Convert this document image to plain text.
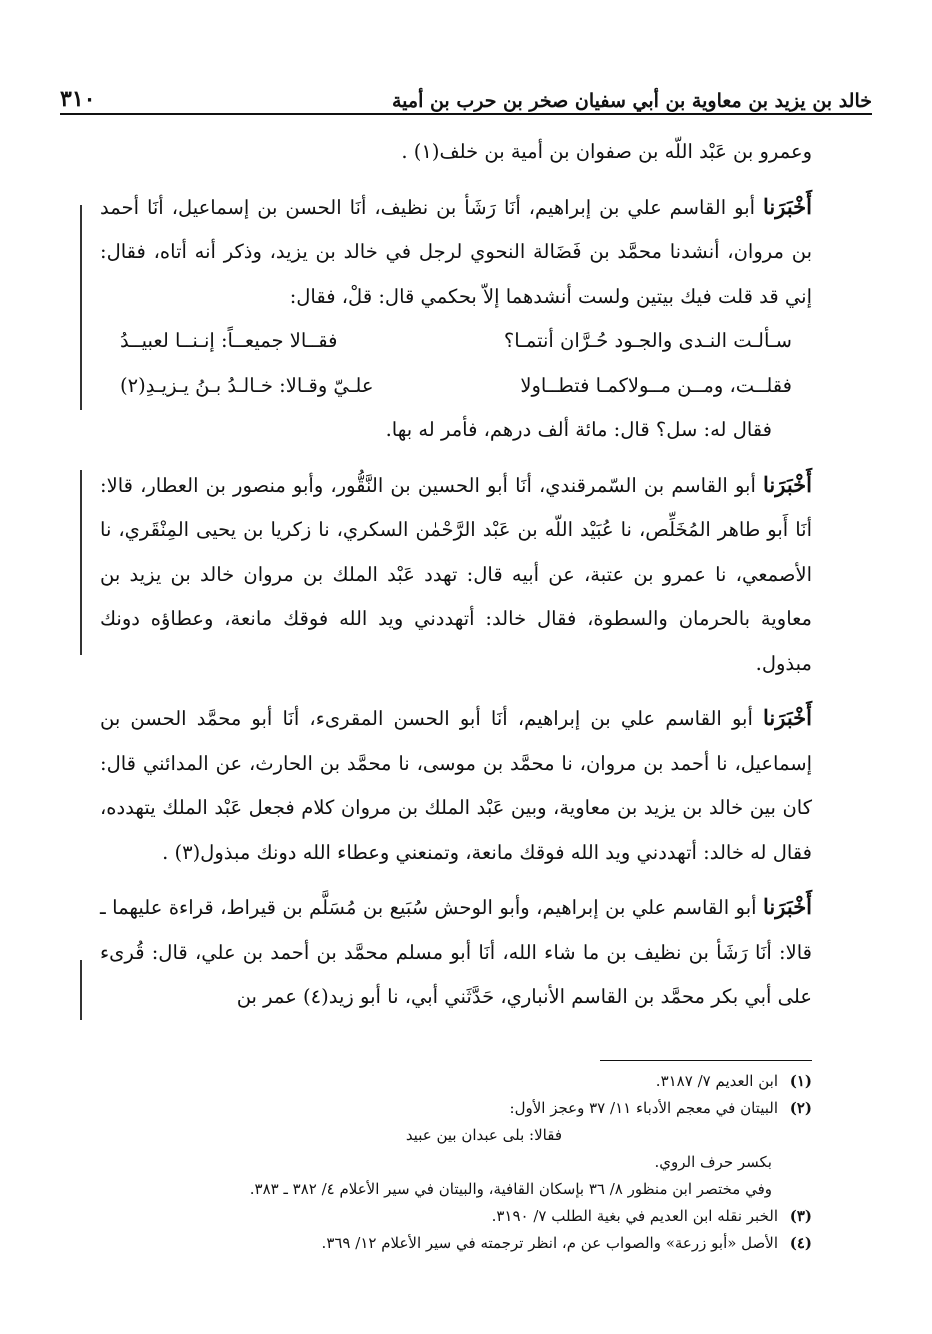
خالد بن يزيد بن معاوية بن أبي سفيان صخر بن حرب بن أمية
٣١٠

وعمرو بن عَبْد اللّه بن صفوان بن أمية بن خلف(١) .

أَخْبَرَنا أبو القاسم علي بن إبراهيم، أنَا رَشَأ بن نظيف، أنَا الحسن بن إسماعيل، أنَا أحمد بن مروان، أنشدنا محمَّد بن فَضَالة النحوي لرجل في خالد بن يزيد، وذكر أنه أتاه، فقال: إني قد قلت فيك بيتين ولست أنشدهما إلاّ بحكمي قال: قلْ، فقال:

سـألـت النـدى والجـود حُـرَّان أنتمـا؟
فقــالا جميعــاً: إنـنــا لعبيــدُ
فقلــت، ومــن مــولاكمـا فتطــاولا
علـيّ وقـالا: خـالـدُ بـنُ يـزيـدِ(٢)

فقال له: سل؟ قال: مائة ألف درهم، فأمر له بها.

أَخْبَرَنا أبو القاسم بن السّمرقندي، أنَا أبو الحسين بن النَّقُّور، وأبو منصور بن العطار، قالا: أنَا أَبو طاهر المُخَلِّص، نا عُبَيْد اللّه بن عَبْد الرَّحْمٰن السكري، نا زكريا بن يحيى المِنْقَري، نا الأصمعي، نا عمرو بن عتبة، عن أبيه قال: تهدد عَبْد الملك بن مروان خالد بن يزيد بن معاوية بالحرمان والسطوة، فقال خالد: أتهددني ويد الله فوقك مانعة، وعطاؤه دونك مبذول.

أَخْبَرَنا أبو القاسم علي بن إبراهيم، أنَا أبو الحسن المقرىء، أنَا أبو محمَّد الحسن بن إسماعيل، نا أحمد بن مروان، نا محمَّد بن موسى، نا محمَّد بن الحارث، عن المدائني قال: كان بين خالد بن يزيد بن معاوية، وبين عَبْد الملك بن مروان كلام فجعل عَبْد الملك يتهدده، فقال له خالد: أتهددني ويد الله فوقك مانعة، وتمنعني وعطاء الله دونك مبذول(٣) .

أَخْبَرَنا أبو القاسم علي بن إبراهيم، وأبو الوحش سُبَيع بن مُسَلَّم بن قيراط، قراءة عليهما ـ قالا: أنَا رَشَأ بن نظيف بن ما شاء الله، أنَا أبو مسلم محمَّد بن أحمد بن علي، قال: قُرىء على أبي بكر محمَّد بن القاسم الأنباري، حَدَّثَني أبي، نا أبو زيد(٤) عمر بن

(١)ابن العديم ٧/ ٣١٨٧.

(٢)البيتان في معجم الأدباء ١١/ ٣٧ وعجز الأول:

فقالا: بلى عبدان بين عبيد

بكسر حرف الروي.

وفي مختصر ابن منظور ٨/ ٣٦ بإسكان القافية، والبيتان في سير الأعلام ٤/ ٣٨٢ ـ ٣٨٣.

(٣)الخبر نقله ابن العديم في بغية الطلب ٧/ ٣١٩٠.

(٤)الأصل «أبو زرعة» والصواب عن م، انظر ترجمته في سير الأعلام ١٢/ ٣٦٩.
